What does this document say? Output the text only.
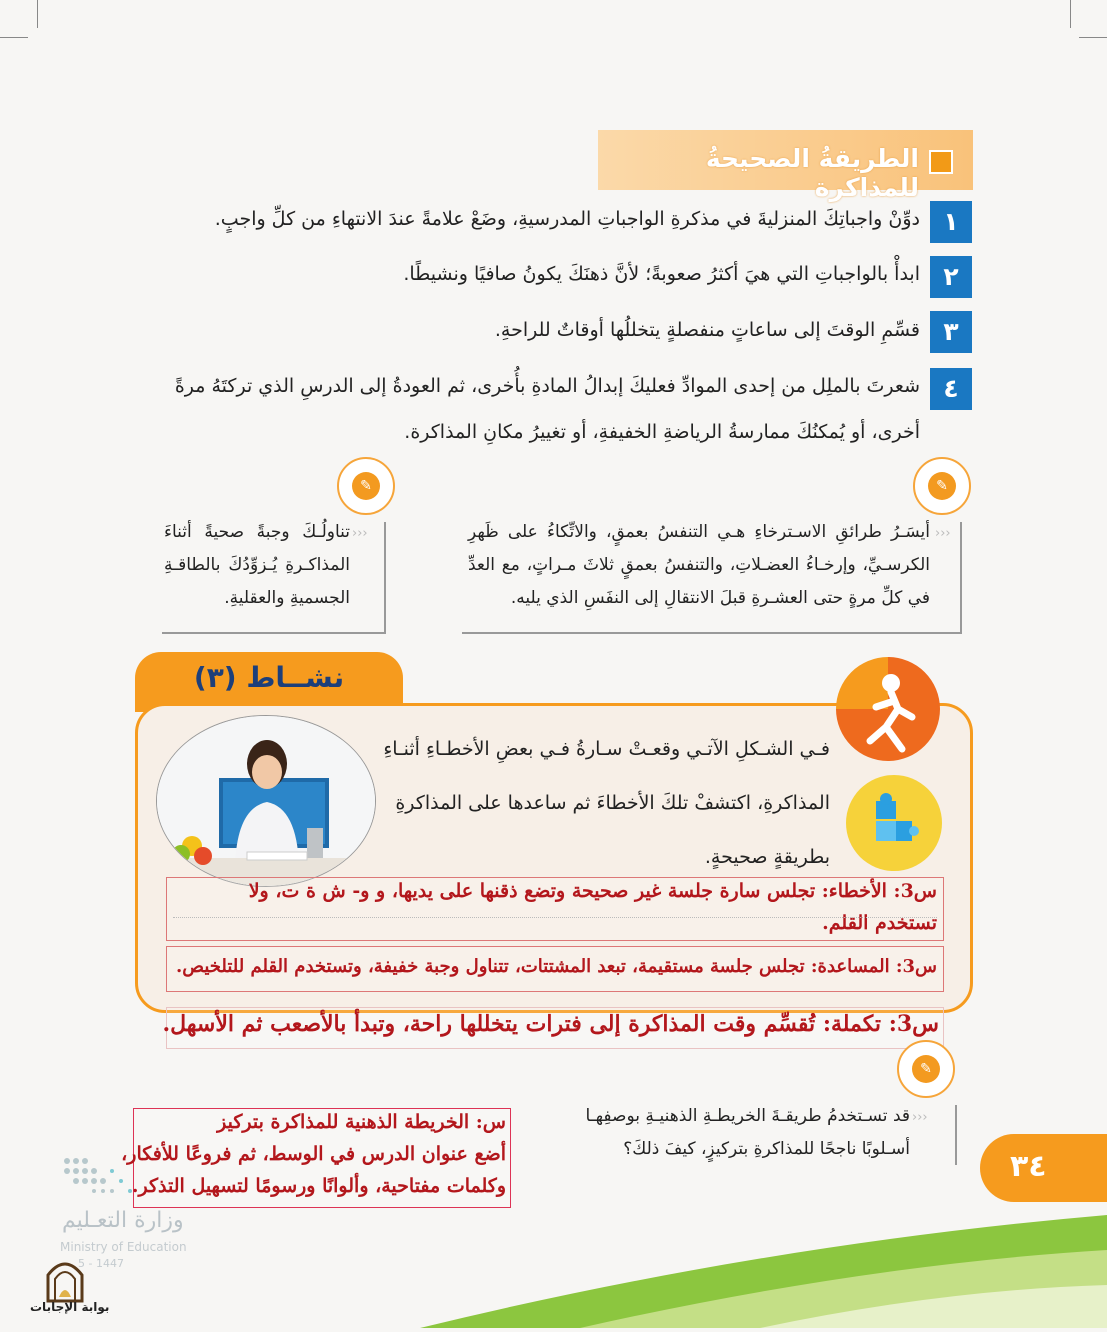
الطريقةُ الصحيحةُ للمذاكرة
١
دوِّنْ واجباتِكَ المنزليةَ في مذكرةِ الواجباتِ المدرسيةِ، وضَعْ علامةً عندَ الانتهاءِ من كلِّ واجبٍ.
٢
ابدأْ بالواجباتِ التي هيَ أكثرُ صعوبةً؛ لأنَّ ذهنَكَ يكونُ صافيًا ونشيطًا.
٣
قسِّمِ الوقتَ إلى ساعاتٍ منفصلةٍ يتخللُها أوقاتٌ للراحةِ.
٤
شعرتَ بالملِل من إحدى الموادِّ فعليكَ إبدالُ المادةِ بأُخرى، ثم العودةُ إلى الدرسِ الذي تركتَهُ مرةً
أخرى، أو يُمكنُكَ ممارسةُ الرياضةِ الخفيفةِ، أو تغييرُ مكانِ المذاكرة.
✎
✎
›››
أيسَـرُ طرائقِ الاسـترخاءِ هـي التنفسُ بعمقٍ، والاتِّكاءُ على ظَهرِ الكرسـيِّ، وإرخـاءُ العضـلاتِ، والتنفسُ بعمقٍ ثلاثَ مـراتٍ، مع العدِّ في كلِّ مرةٍ حتى العشـرةِ قبلَ الانتقالِ إلى النفَسِ الذي يليه.
›››
تناولُـكَ وجبةً صحيةً أثناءَ المذاكـرةِ يُـزوِّدُكَ بالطاقـةِ الجسميةِ والعقليةِ.
نشــاط (٣)
فـي الشـكلِ الآتـي وقعـتْ سـارةُ فـي بعضِ الأخطـاءِ أثنـاءِ
المذاكرةِ، اكتشفْ تلكَ الأخطاءَ ثم ساعدها على المذاكرةِ
بطريقةٍ صحيحةٍ.
س3: الأخطاء: تجلس سارة جلسة غير صحيحة وتضع ذقنها على يديها، و و- ش ة ت، ولا
تستخدم القلم.
س3: المساعدة: تجلس جلسة مستقيمة، تبعد المشتتات، تتناول وجبة خفيفة، وتستخدم القلم للتلخيص.
س3: تكملة: تُقسِّم وقت المذاكرة إلى فترات يتخللها راحة، وتبدأ بالأصعب ثم الأسهل.
✎
›››
قد تسـتخدمُ طريقـةَ الخريطـةِ الذهنيـةِ بوصفِهـا أسـلوبًا ناجحًا للمذاكرةِ بتركيزٍ، كيفَ ذلكَ؟
س: الخريطة الذهنية للمذاكرة بتركيز
أضع عنوان الدرس في الوسط، ثم فروعًا للأفكار،
وكلمات مفتاحية، وألوانًا ورسومًا لتسهيل التذكر.
٣٤
وزارة التعـليم
Ministry of Education
5 - 1447
بوابة الإجابات
